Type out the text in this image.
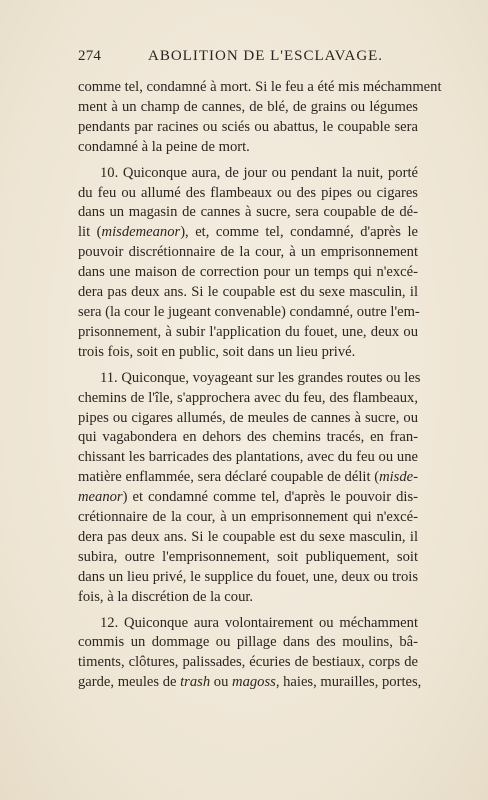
274	ABOLITION DE L'ESCLAVAGE.
comme tel, condamné à mort. Si le feu a été mis méchamment
ment à un champ de cannes, de blé, de grains ou légumes
pendants par racines ou sciés ou abattus, le coupable sera
condamné à la peine de mort.
10. Quiconque aura, de jour ou pendant la nuit, porté
du feu ou allumé des flambeaux ou des pipes ou cigares
dans un magasin de cannes à sucre, sera coupable de dé-
lit (misdemeanor), et, comme tel, condamné, d'après le
pouvoir discrétionnaire de la cour, à un emprisonnement
dans une maison de correction pour un temps qui n'excé-
dera pas deux ans. Si le coupable est du sexe masculin, il
sera (la cour le jugeant convenable) condamné, outre l'em-
prisonnement, à subir l'application du fouet, une, deux ou
trois fois, soit en public, soit dans un lieu privé.
11. Quiconque, voyageant sur les grandes routes ou les
chemins de l'île, s'approchera avec du feu, des flambeaux,
pipes ou cigares allumés, de meules de cannes à sucre, ou
qui vagabondera en dehors des chemins tracés, en fran-
chissant les barricades des plantations, avec du feu ou une
matière enflammée, sera déclaré coupable de délit (misde-
meanor) et condamné comme tel, d'après le pouvoir dis-
crétionnaire de la cour, à un emprisonnement qui n'excé-
dera pas deux ans. Si le coupable est du sexe masculin, il
subira, outre l'emprisonnement, soit publiquement, soit
dans un lieu privé, le supplice du fouet, une, deux ou trois
fois, à la discrétion de la cour.
12. Quiconque aura volontairement ou méchamment
commis un dommage ou pillage dans des moulins, bâ-
timents, clôtures, palissades, écuries de bestiaux, corps de
garde, meules de trash ou magoss, haies, murailles, portes,
